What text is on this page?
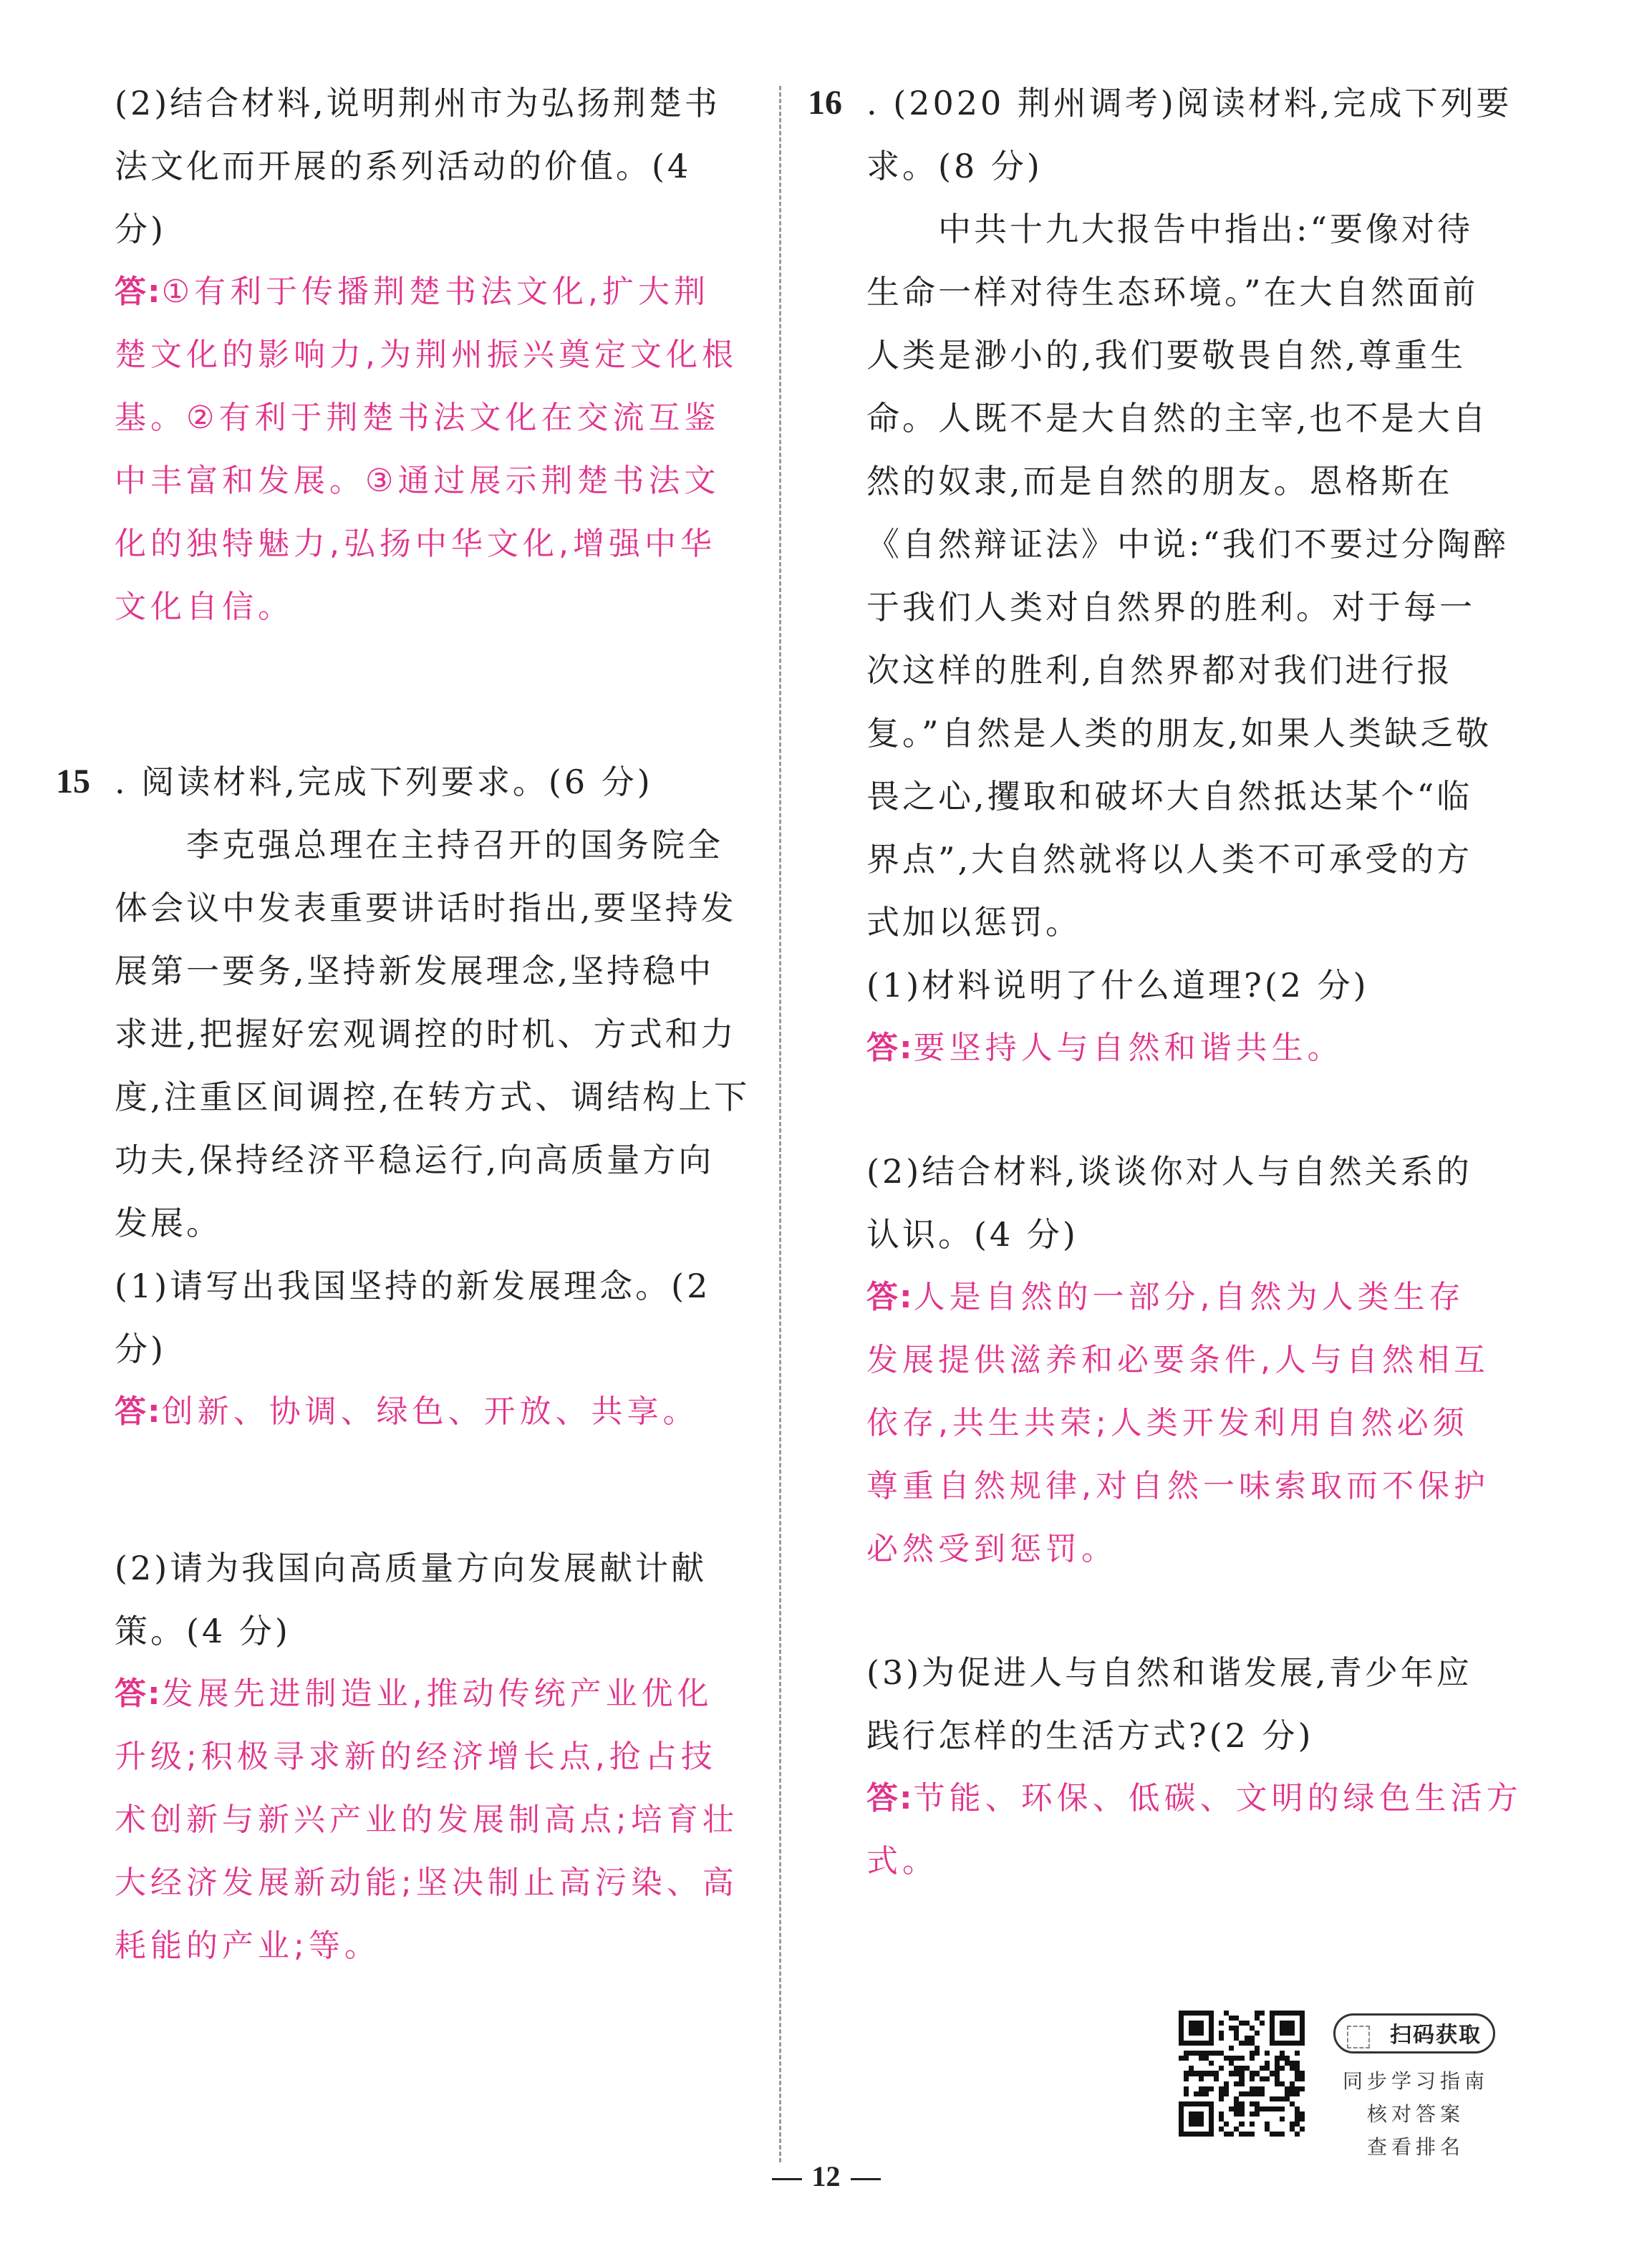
(2)结合材料,说明荆州市为弘扬荆楚书
法文化而开展的系列活动的价值。(4
分)
答:①有利于传播荆楚书法文化,扩大荆
楚文化的影响力,为荆州振兴奠定文化根
基。②有利于荆楚书法文化在交流互鉴
中丰富和发展。③通过展示荆楚书法文
化的独特魅力,弘扬中华文化,增强中华
文化自信。
15 . 阅读材料,完成下列要求。(6 分)
李克强总理在主持召开的国务院全
体会议中发表重要讲话时指出,要坚持发
展第一要务,坚持新发展理念,坚持稳中
求进,把握好宏观调控的时机、方式和力
度,注重区间调控,在转方式、调结构上下
功夫,保持经济平稳运行,向高质量方向
发展。
(1)请写出我国坚持的新发展理念。(2
分)
答:创新、协调、绿色、开放、共享。
(2)请为我国向高质量方向发展献计献
策。(4 分)
答:发展先进制造业,推动传统产业优化
升级;积极寻求新的经济增长点,抢占技
术创新与新兴产业的发展制高点;培育壮
大经济发展新动能;坚决制止高污染、高
耗能的产业;等。
16 . (2020 荆州调考)阅读材料,完成下列要
求。(8 分)
中共十九大报告中指出:“要像对待
生命一样对待生态环境。”在大自然面前
人类是渺小的,我们要敬畏自然,尊重生
命。人既不是大自然的主宰,也不是大自
然的奴隶,而是自然的朋友。恩格斯在
《自然辩证法》中说:“我们不要过分陶醉
于我们人类对自然界的胜利。对于每一
次这样的胜利,自然界都对我们进行报
复。”自然是人类的朋友,如果人类缺乏敬
畏之心,攫取和破坏大自然抵达某个“临
界点”,大自然就将以人类不可承受的方
式加以惩罚。
(1)材料说明了什么道理?(2 分)
答:要坚持人与自然和谐共生。
(2)结合材料,谈谈你对人与自然关系的
认识。(4 分)
答:人是自然的一部分,自然为人类生存
发展提供滋养和必要条件,人与自然相互
依存,共生共荣;人类开发利用自然必须
尊重自然规律,对自然一味索取而不保护
必然受到惩罚。
(3)为促进人与自然和谐发展,青少年应
践行怎样的生活方式?(2 分)
答:节能、环保、低碳、文明的绿色生活方
式。
扫码获取
同步学习指南
核对答案
查看排名
12
